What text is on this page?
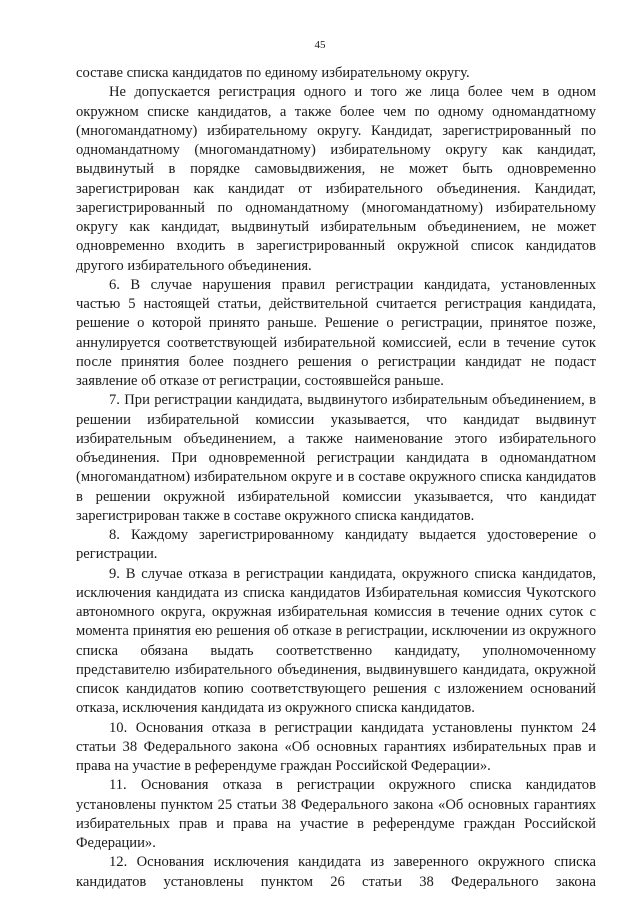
45

составе списка кандидатов по единому избирательному округу.

Не допускается регистрация одного и того же лица более чем в одном окружном списке кандидатов, а также более чем по одному одномандатному (многомандатному) избирательному округу. Кандидат, зарегистрированный по одномандатному (многомандатному) избирательному округу как кандидат, выдвинутый в порядке самовыдвижения, не может быть одновременно зарегистрирован как кандидат от избирательного объединения. Кандидат, зарегистрированный по одномандатному (многомандатному) избирательному округу как кандидат, выдвинутый избирательным объединением, не может одновременно входить в зарегистрированный окружной список кандидатов другого избирательного объединения.

6. В случае нарушения правил регистрации кандидата, установленных частью 5 настоящей статьи, действительной считается регистрация кандидата, решение о которой принято раньше. Решение о регистрации, принятое позже, аннулируется соответствующей избирательной комиссией, если в течение суток после принятия более позднего решения о регистрации кандидат не подаст заявление об отказе от регистрации, состоявшейся раньше.

7. При регистрации кандидата, выдвинутого избирательным объединением, в решении избирательной комиссии указывается, что кандидат выдвинут избирательным объединением, а также наименование этого избирательного объединения. При одновременной регистрации кандидата в одномандатном (многомандатном) избирательном округе и в составе окружного списка кандидатов в решении окружной избирательной комиссии указывается, что кандидат зарегистрирован также в составе окружного списка кандидатов.

8. Каждому зарегистрированному кандидату выдается удостоверение о регистрации.

9. В случае отказа в регистрации кандидата, окружного списка кандидатов, исключения кандидата из списка кандидатов Избирательная комиссия Чукотского автономного округа, окружная избирательная комиссия в течение одних суток с момента принятия ею решения об отказе в регистрации, исключении из окружного списка обязана выдать соответственно кандидату, уполномоченному представителю избирательного объединения, выдвинувшего кандидата, окружной список кандидатов копию соответствующего решения с изложением оснований отказа, исключения кандидата из окружного списка кандидатов.

10. Основания отказа в регистрации кандидата установлены пунктом 24 статьи 38 Федерального закона «Об основных гарантиях избирательных прав и права на участие в референдуме граждан Российской Федерации».

11. Основания отказа в регистрации окружного списка кандидатов установлены пунктом 25 статьи 38 Федерального закона «Об основных гарантиях избирательных прав и права на участие в референдуме граждан Российской Федерации».

12. Основания исключения кандидата из заверенного окружного списка кандидатов установлены пунктом 26 статьи 38 Федерального закона
